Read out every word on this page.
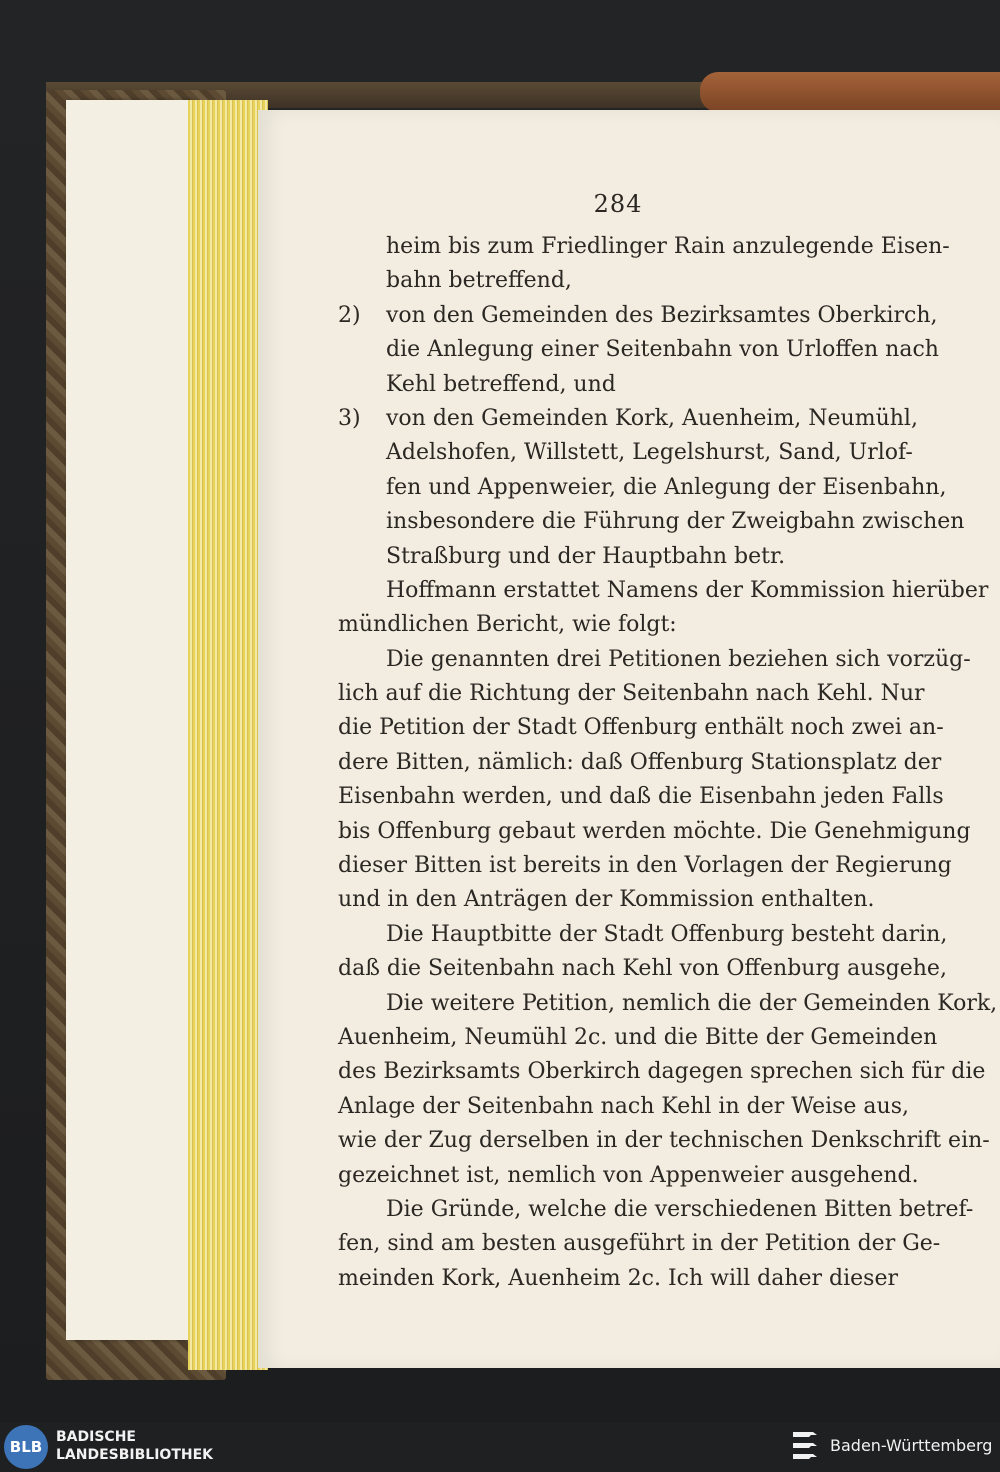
284
heim bis zum Friedlinger Rain anzulegende Eisen-
bahn betreffend,
2) von den Gemeinden des Bezirksamtes Oberkirch,
die Anlegung einer Seitenbahn von Urloffen nach
Kehl betreffend, und
3) von den Gemeinden Kork, Auenheim, Neumühl,
Adelshofen, Willstett, Legelshurst, Sand, Urlof-
fen und Appenweier, die Anlegung der Eisenbahn,
insbesondere die Führung der Zweigbahn zwischen
Straßburg und der Hauptbahn betr.
Hoffmann erstattet Namens der Kommission hierüber
mündlichen Bericht, wie folgt:
Die genannten drei Petitionen beziehen sich vorzüg-
lich auf die Richtung der Seitenbahn nach Kehl. Nur
die Petition der Stadt Offenburg enthält noch zwei an-
dere Bitten, nämlich: daß Offenburg Stationsplatz der
Eisenbahn werden, und daß die Eisenbahn jeden Falls
bis Offenburg gebaut werden möchte. Die Genehmigung
dieser Bitten ist bereits in den Vorlagen der Regierung
und in den Anträgen der Kommission enthalten.
Die Hauptbitte der Stadt Offenburg besteht darin,
daß die Seitenbahn nach Kehl von Offenburg ausgehe,
Die weitere Petition, nemlich die der Gemeinden Kork,
Auenheim, Neumühl 2c. und die Bitte der Gemeinden
des Bezirksamts Oberkirch dagegen sprechen sich für die
Anlage der Seitenbahn nach Kehl in der Weise aus,
wie der Zug derselben in der technischen Denkschrift ein-
gezeichnet ist, nemlich von Appenweier ausgehend.
Die Gründe, welche die verschiedenen Bitten betref-
fen, sind am besten ausgeführt in der Petition der Ge-
meinden Kork, Auenheim 2c. Ich will daher dieser
BLB
BADISCHE
LANDESBIBLIOTHEK	Baden-Württemberg
